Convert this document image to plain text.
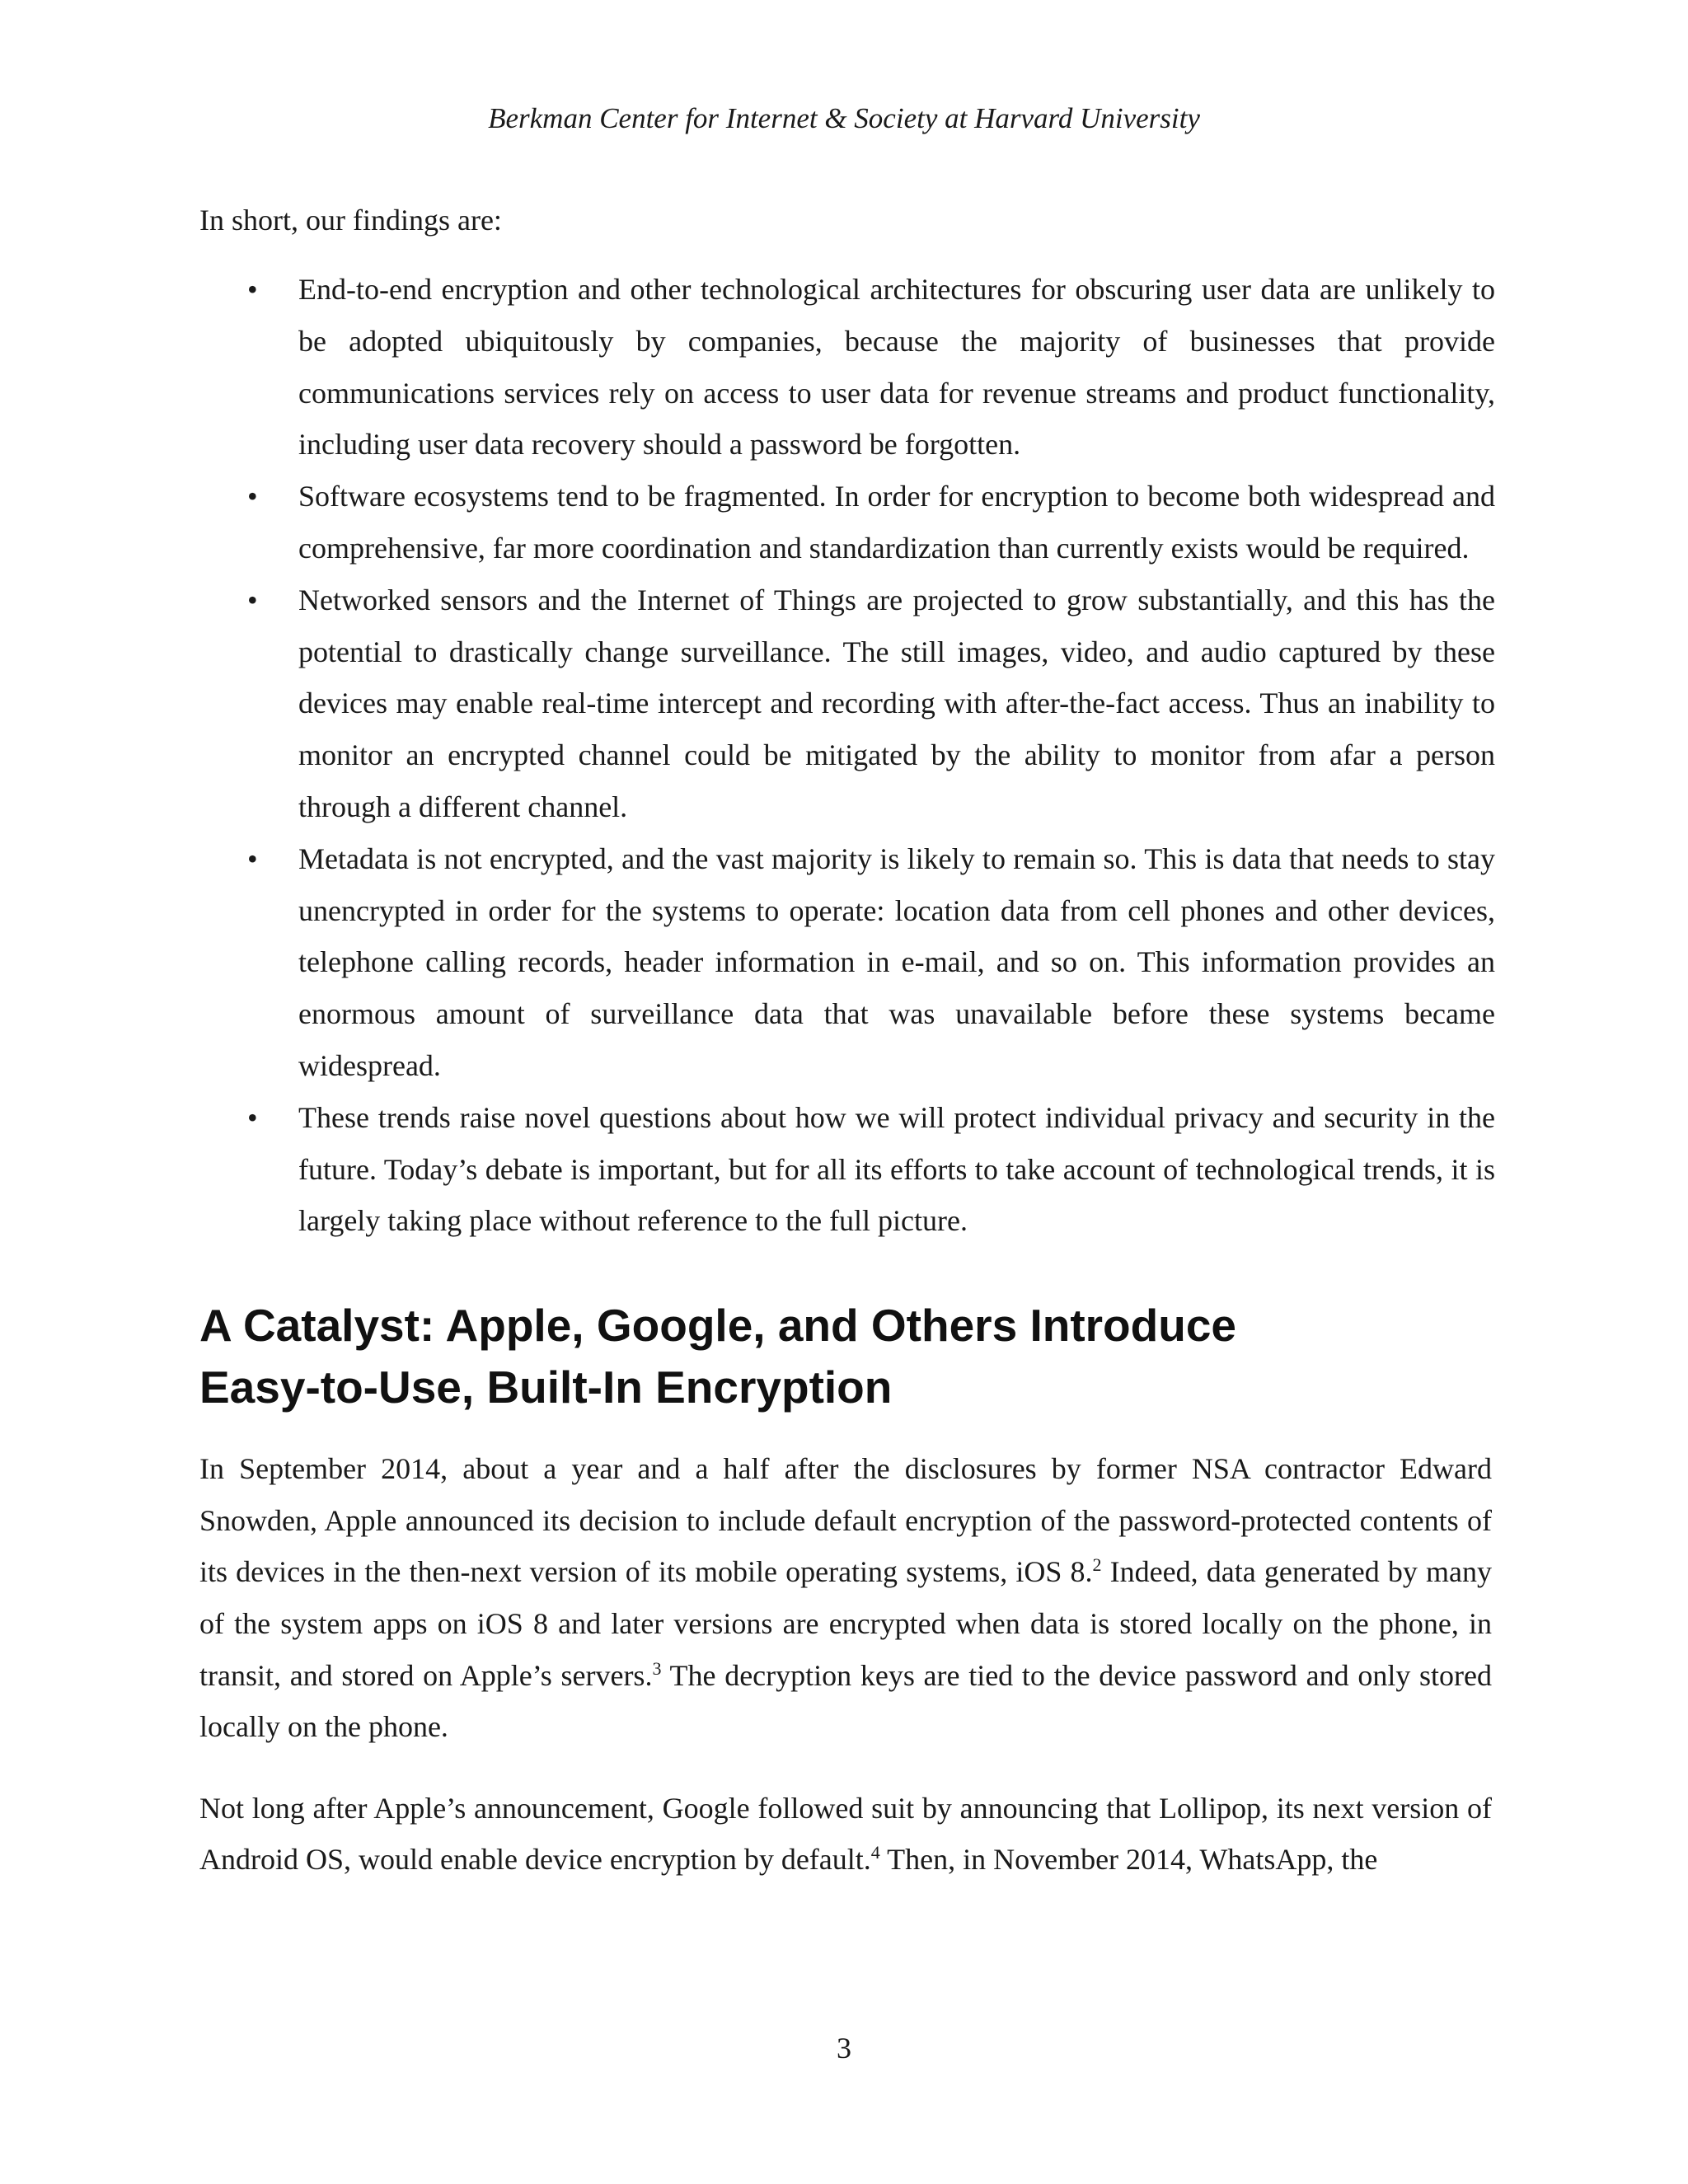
Berkman Center for Internet & Society at Harvard University

In short, our findings are:

• End-to-end encryption and other technological architectures for obscuring user data are unlikely to be adopted ubiquitously by companies, because the majority of businesses that provide communications services rely on access to user data for revenue streams and product functionality, including user data recovery should a password be forgotten.
• Software ecosystems tend to be fragmented. In order for encryption to become both widespread and comprehensive, far more coordination and standardization than currently exists would be required.
• Networked sensors and the Internet of Things are projected to grow substantially, and this has the potential to drastically change surveillance. The still images, video, and audio captured by these devices may enable real-time intercept and recording with after-the-fact access. Thus an inability to monitor an encrypted channel could be mitigated by the ability to monitor from afar a person through a different channel.
• Metadata is not encrypted, and the vast majority is likely to remain so. This is data that needs to stay unencrypted in order for the systems to operate: location data from cell phones and other devices, telephone calling records, header information in e-mail, and so on. This information provides an enormous amount of surveillance data that was unavailable before these systems became widespread.
• These trends raise novel questions about how we will protect individual privacy and security in the future. Today’s debate is important, but for all its efforts to take account of technological trends, it is largely taking place without reference to the full picture.
A Catalyst: Apple, Google, and Others Introduce
Easy-to-Use, Built-In Encryption

In September 2014, about a year and a half after the disclosures by former NSA contractor Edward Snowden, Apple announced its decision to include default encryption of the password-protected contents of its devices in the then-next version of its mobile operating systems, iOS 8.$^2$ Indeed, data generated by many of the system apps on iOS 8 and later versions are encrypted when data is stored locally on the phone, in transit, and stored on Apple’s servers.$^3$ The decryption keys are tied to the device password and only stored locally on the phone.

Not long after Apple’s announcement, Google followed suit by announcing that Lollipop, its next version of Android OS, would enable device encryption by default.$^4$ Then, in November 2014, WhatsApp, the

3
